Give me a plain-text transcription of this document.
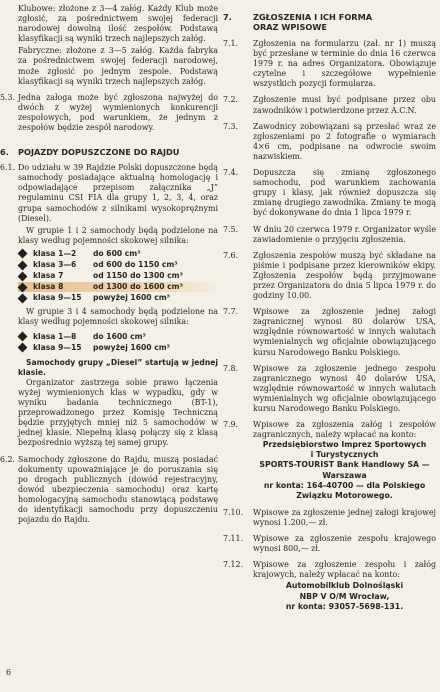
Klubowe: złożone z 3—4 załóg. Każdy Klub może zgłosić, za pośrednictwem swojej federacji narodowej dowolną ilość zespołów. Podstawą klasyfikacji są wyniki trzech najlepszych załóg.
Fabryczne: złożone z 3—5 załóg. Każda fabryka za pośrednictwem swojej federacji narodowej, może zgłosić po jednym zespole. Podstawą klasyfikacji są wyniki trzech najlepszych załóg.
5.3. Jedna załoga może być zgłoszona najwyżej do dwóch z wyżej wymienionych konkurencji zespołowych, pod warunkiem, że jednym z zespołów będzie zespół narodowy.
6.	POJAZDY DOPUSZCZONE DO RAJDU
6.1. Do udziału w 39 Rajdzie Polski dopuszczone będą samochody posiadające aktualną homologację i odpowiadające przepisom załącznika „J” regulaminu CSI FIA dla grupy 1, 2, 3, 4, oraz grupa samochodów z silnikami wysokoprężnymi (Diesel).
W grupie 1 i 2 samochody będą podzielone na klasy według pojemności skokowej silnika:
klasa 1—2	do 600 cm³
klasa 3—6	od 600 do 1150 cm³
klasa 7	od 1150 do 1300 cm³
klasa 8	od 1300 do 1600 cm³
klasa 9—15	powyżej 1600 cm³
W grupie 3 i 4 samochody będą podzielone na klasy według pojemności skokowej silnika:
klasa 1—8	do 1600 cm³
klasa 9—15	powyżej 1600 cm³
Samochody grupy „Diesel” startują w jednej klasie.
Organizator zastrzega sobie prawo łączenia wyżej wymienionych klas w wypadku, gdy w wyniku badania technicznego (BT-1), przeprowadzonego przez Komisję Techniczną będzie przyjętych mniej niż 5 samochodów w jednej klasie. Niepełną klasę połączy się z klasą bezpośrednio wyższą tej samej grupy.
6.2. Samochody zgłoszone do Rajdu, muszą posiadać dokumenty upoważniające je do poruszania się po drogach publicznych (dowód rejestracyjny, dowód ubezpieczenia samochodu) oraz kartę homologacyjną samochodu stanowiącą podstawę do identyfikacji samochodu przy dopuszczeniu pojazdu do Rajdu.
7.	ZGŁOSZENIA I ICH FORMA
ORAZ WPISOWE
7.1.	Zgłoszenia na formularzu (zał. nr 1) muszą być przesłane w terminie do dnia 16 czerwca 1979 r. na adres Organizatora. Obowiązuje czytelne i szczegółowe wypełnienie wszystkich pozycji formularza.
7.2.	Zgłoszenie musi być podpisane przez obu zawodników i potwierdzone przez A.C.N.
7.3.	Zawodnicy zobowiązani są przesłać wraz ze zgłoszeniami po 2 fotografie o wymiarach 4×6 cm, podpisane na odwrocie swoim nazwiskiem.
7.4.	Dopuszcza się zmianę zgłoszonego samochodu, pod warunkiem zachowania grupy i klasy, jak również dopuszcza się zmianę drugiego zawodnika. Zmiany te mogą być dokonywane do dnia 1 lipca 1979 r.
7.5.	W dniu 20 czerwca 1979 r. Organizator wyśle zawiadomienie o przyjęciu zgłoszenia.
7.6.	Zgłoszenia zespołów muszą być składane na piśmie i podpisane przez kierowników ekipy. Zgłoszenia zespołów będą przyjmowane przez Organizatora do dnia 5 lipca 1979 r. do godziny 10.00.
7.7.	Wpisowe za zgłoszenie jednej załogi zagranicznej wynosi 80 dolarów USA, względnie równowartość w innych walutach wymienialnych wg oficjalnie obowiązującego kursu Narodowego Banku Polskiego.
7.8.	Wpisowe za zgłoszenie jednego zespołu zagranicznego wynosi 40 dolarów USA, względnie równowartość w innych walutach wymienialnych wg oficjalnie obowiązującego kursu Narodowego Banku Polskiego.
7.9.	Wpisowe za zgłoszenia załóg i zespołów zagranicznych, należy wpłacać na konto:
Przedsiębiorstwo Imprez Sportowych
i Turystycznych
SPORTS-TOURIST Bank Handlowy SA —
Warszawa
nr konta: 164-40700 — dla Polskiego
Związku Motorowego.
7.10.	Wpisowe za zgłoszenie jednej załogi krajowej wynosi 1.200,— zł.
7.11.	Wpisowe za zgłoszenie zespołu krajowego wynosi 800,— zł.
7.12.	Wpisowe za zgłoszenie zespołu i załóg krajowych, należy wpłacać na konto:
Automobilklub Dolnośląski
NBP V O/M Wrocław,
nr konta: 93057-5698-131.
6
